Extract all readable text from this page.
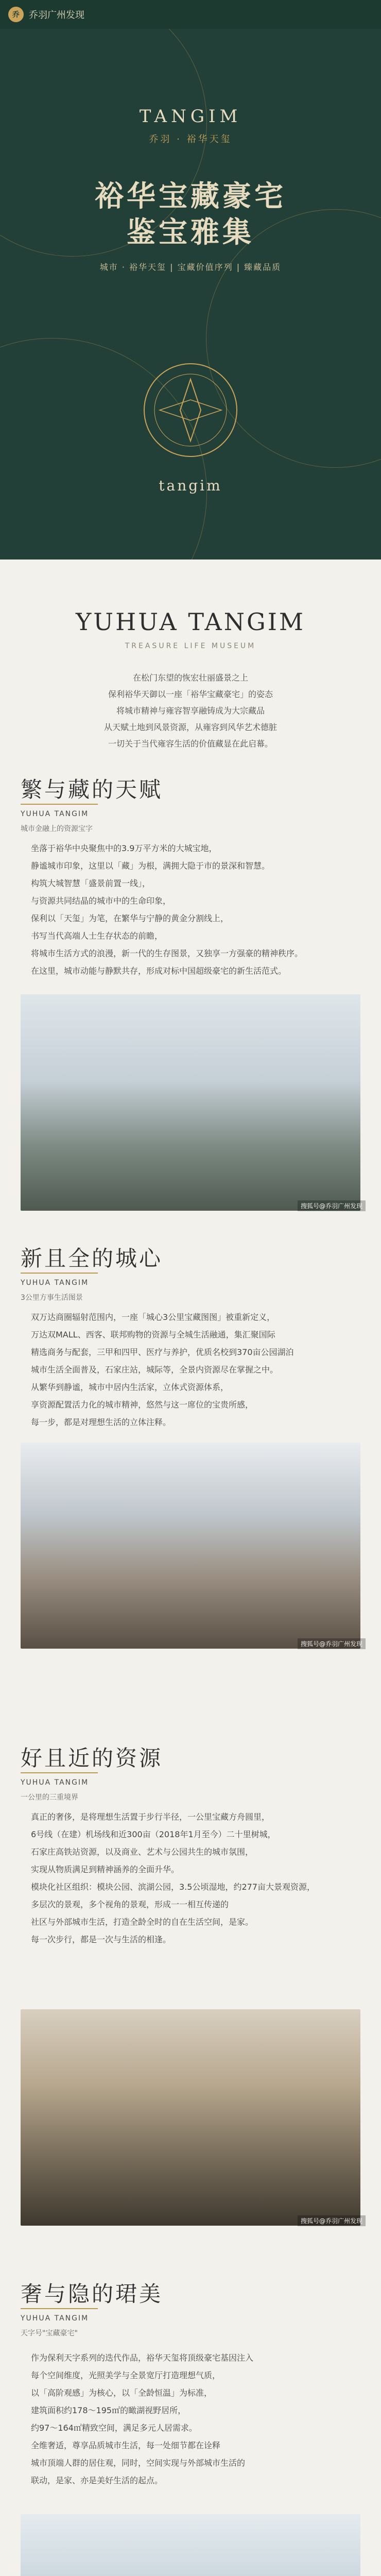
乔	乔羽广州发现
TANGIM
乔羽 · 裕华天玺
裕华宝藏豪宅
鉴宝雅集
城市 · 裕华天玺 | 宝藏价值序列 | 臻藏品质
tangim
YUHUA TANGIM
TREASURE LIFE MUSEUM
在松门东望的恢宏壮丽盛景之上
保利裕华天御以一座「裕华宝藏豪宅」的姿态
将城市精神与雍容智享融铸成为大宗藏品
从天赋土地到风景资源，从雍容到风华艺术德脏
一切关于当代雍容生活的价值藏显在此启幕。
繁与藏的天赋
YUHUA TANGIM
城市金融上的资源宝字
坐落于裕华中央聚焦中的3.9万平方米的大城宝地，
静谧城市印象，这里以「藏」为根，满拥大隐于市的景深和智慧。
构筑大城智慧「盛景前置一线」，
与资源共同结晶的城市中的生命印象，
保利以「天玺」为笔，在繁华与宁静的黄金分割线上，
书写当代高端人士生存状态的前瞻，
将城市生活方式的浪漫，新一代的生存图景，又独享一方强豪的精神秩序。
在这里，城市动能与静默共存，形成对标中国超级豪宅的新生活范式。
搜狐号@乔羽广州发现
新且全的城心
YUHUA TANGIM
3公里方事生活图景
双万达商圈辐射范围内，一座「城心3公里宝藏图图」被重新定义，
万达双MALL、西客、联邦购物的资源与全城生活融通，集汇聚国际
精选商务与配套，三甲和四甲、医疗与养护，优质名校到370亩公园湖泊
城市生活全面普及，石家庄站，城际等，全景内资源尽在掌握之中。
从繁华到静谧，城市中居内生活家，立体式资源体系，
享资源配置活力化的城市精神，悠然与这一席位的宝贵所感，
每一步，都是对理想生活的立体注释。
搜狐号@乔羽广州发现
好且近的资源
YUHUA TANGIM
一公里的三重境界
真正的奢侈，是将理想生活置于步行半径，一公里宝藏方舟圆里，
6号线（在建）机场线和近300亩（2018年1月至今）二十里树城，
石家庄高铁站资源，以及商业、艺术与公园共生的城市氛围，
实现从物质满足到精神涵养的全面升华。
模块化社区组织：模块公园、滨湖公园，3.5公顷湿地，约277亩大景观资源，
多层次的景观，多个视角的景观，形成一一相互传递的
社区与外部城市生活，打造全龄全时的自在生活空间，是家。
每一次步行，都是一次与生活的相逢。
搜狐号@乔羽广州发现
奢与隐的珺美
YUHUA TANGIM
天字号"宝藏豪宅"
作为保利天字系列的迭代作品，裕华天玺将顶级豪宅基因注入
每个空间维度，光照美学与全景宽厅打造理想气质，
以「高阶观感」为核心，以「全龄恒温」为标准，
建筑面积约178～195㎡的瞰湖视野居所，
约97～164㎡精致空间，满足多元人居需求。
全维奢适，尊享品质城市生活，每一处细节都在诠释
城市顶端人群的居住观，同时，空间实现与外部城市生活的
联动，是家、亦是美好生活的起点。
